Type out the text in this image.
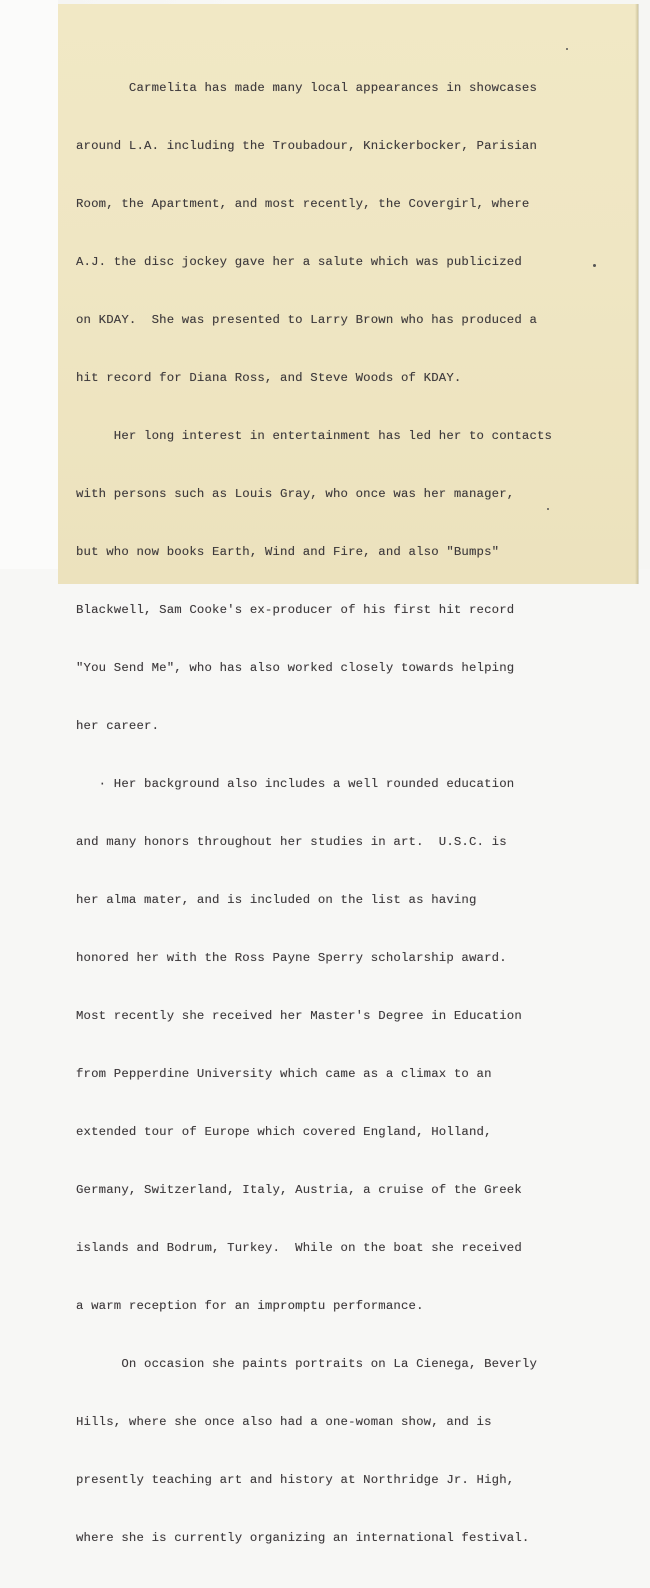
Carmelita has made many local appearances in showcases

around L.A. including the Troubadour, Knickerbocker, Parisian

Room, the Apartment, and most recently, the Covergirl, where

A.J. the disc jockey gave her a salute which was publicized

on KDAY.  She was presented to Larry Brown who has produced a

hit record for Diana Ross, and Steve Woods of KDAY.

Her long interest in entertainment has led her to contacts

with persons such as Louis Gray, who once was her manager,

but who now books Earth, Wind and Fire, and also "Bumps"

Blackwell, Sam Cooke's ex-producer of his first hit record

"You Send Me", who has also worked closely towards helping

her career.

· Her background also includes a well rounded education

and many honors throughout her studies in art.  U.S.C. is

her alma mater, and is included on the list as having

honored her with the Ross Payne Sperry scholarship award.

Most recently she received her Master's Degree in Education

from Pepperdine University which came as a climax to an

extended tour of Europe which covered England, Holland,

Germany, Switzerland, Italy, Austria, a cruise of the Greek

islands and Bodrum, Turkey.  While on the boat she received

a warm reception for an impromptu performance.

On occasion she paints portraits on La Cienega, Beverly

Hills, where she once also had a one-woman show, and is

presently teaching art and history at Northridge Jr. High,

where she is currently organizing an international festival.
